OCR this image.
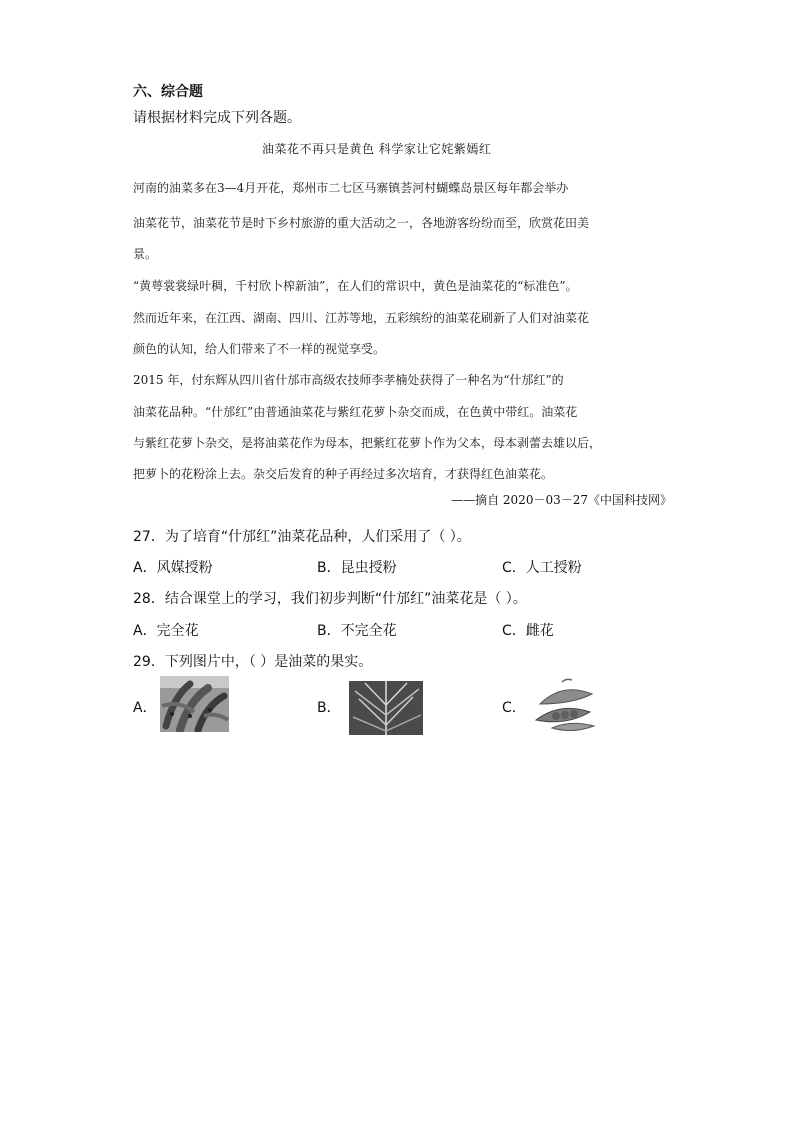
六、综合题
请根据材料完成下列各题。
油菜花不再只是黄色 科学家让它姹紫嫣红
河南的油菜多在3—4月开花，郑州市二七区马寨镇荟河村蝴蝶岛景区每年都会举办
油菜花节，油菜花节是时下乡村旅游的重大活动之一，各地游客纷纷而至，欣赏花田美
景。
“黄萼裳裳绿叶稠，千村欣卜榨新油”，在人们的常识中，黄色是油菜花的“标准色”。
然而近年来，在江西、湖南、四川、江苏等地，五彩缤纷的油菜花刷新了人们对油菜花
颜色的认知，给人们带来了不一样的视觉享受。
2015 年，付东辉从四川省什邡市高级农技师李孝楠处获得了一种名为“什邡红”的
油菜花品种。“什邡红”由普通油菜花与紫红花萝卜杂交而成，在色黄中带红。油菜花
与紫红花萝卜杂交，是将油菜花作为母本，把紫红花萝卜作为父本，母本剥蕾去雄以后，
把萝卜的花粉涂上去。杂交后发育的种子再经过多次培育，才获得红色油菜花。
——摘自 2020－03－27《中国科技网》
27．为了培育“什邡红”油菜花品种，人们采用了（ ）。
A．风媒授粉	B．昆虫授粉	C．人工授粉
28．结合课堂上的学习，我们初步判断“什邡红”油菜花是（ ）。
A．完全花	B．不完全花	C．雌花
29．下列图片中，（ ）是油菜的果实。
A．	B．	C．
